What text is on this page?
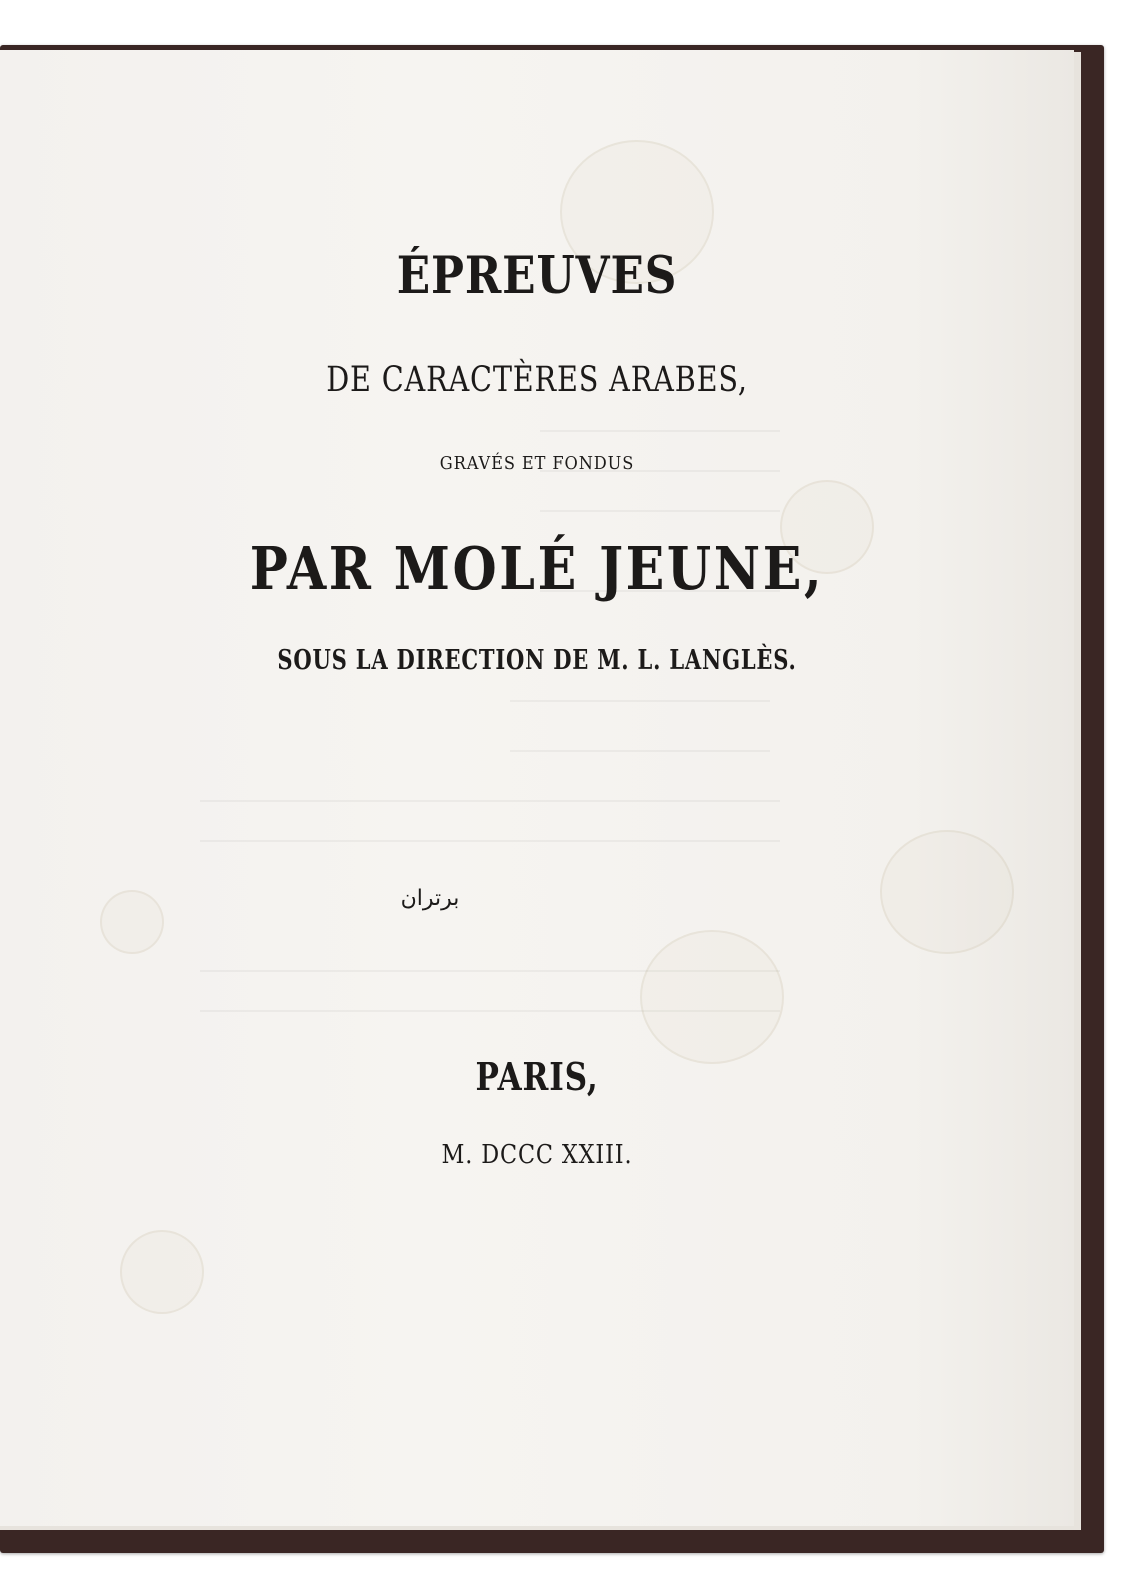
ÉPREUVES
DE CARACTÈRES ARABES,
GRAVÉS ET FONDUS
PAR MOLÉ JEUNE,
SOUS LA DIRECTION DE M. L. LANGLÈS.
برتران
PARIS,
M. DCCC XXIII.
